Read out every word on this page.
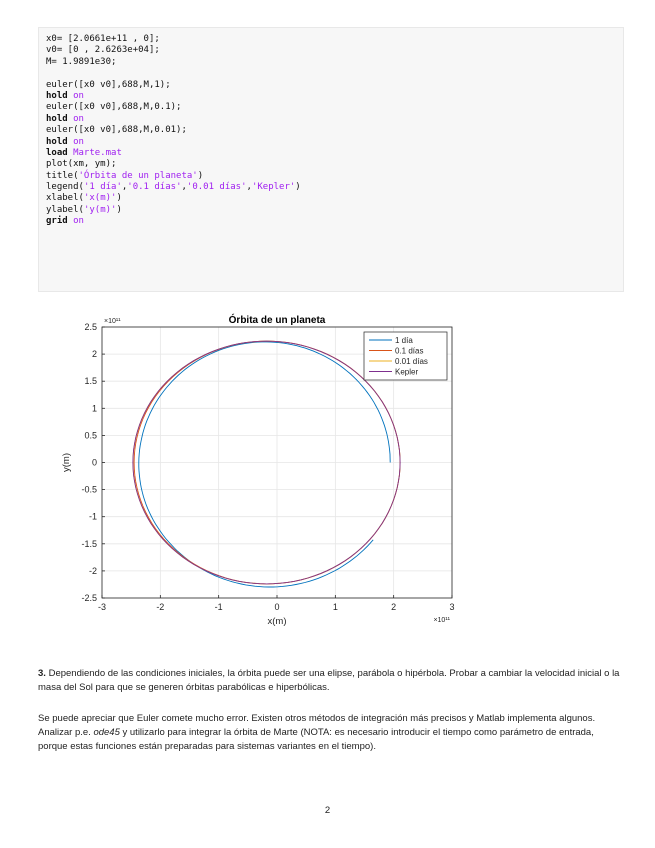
x0= [2.0661e+11 , 0];
v0= [0 , 2.6263e+04];
M= 1.9891e30;
euler([x0 v0],688,M,1);
hold on
euler([x0 v0],688,M,0.1);
hold on
euler([x0 v0],688,M,0.01);
hold on
load Marte.mat
plot(xm, ym);
title('Órbita de un planeta')
legend('1 día','0.1 días','0.01 días','Kepler')
xlabel('x(m)')
ylabel('y(m)')
grid on
-3	-2	-1	0	1	2	3
-2.5
-2
-1.5
-1
-0.5
0
0.5
1
1.5
2
2.5
×10¹¹
×10¹¹
Órbita de un planeta
x(m)
y(m)
1 día
0.1 días
0.01 días
Kepler

3. Dependiendo de las condiciones iniciales, la órbita puede ser una elipse, parábola o hipérbola. Probar a cambiar la velocidad inicial o la masa del Sol para que se generen órbitas parabólicas e hiperbólicas.

Se puede apreciar que Euler comete mucho error. Existen otros métodos de integración más precisos y Matlab implementa algunos. Analizar p.e. ode45 y utilizarlo para integrar la órbita de Marte (NOTA: es necesario introducir el tiempo como parámetro de entrada, porque estas funciones están preparadas para sistemas variantes en el tiempo).

2
